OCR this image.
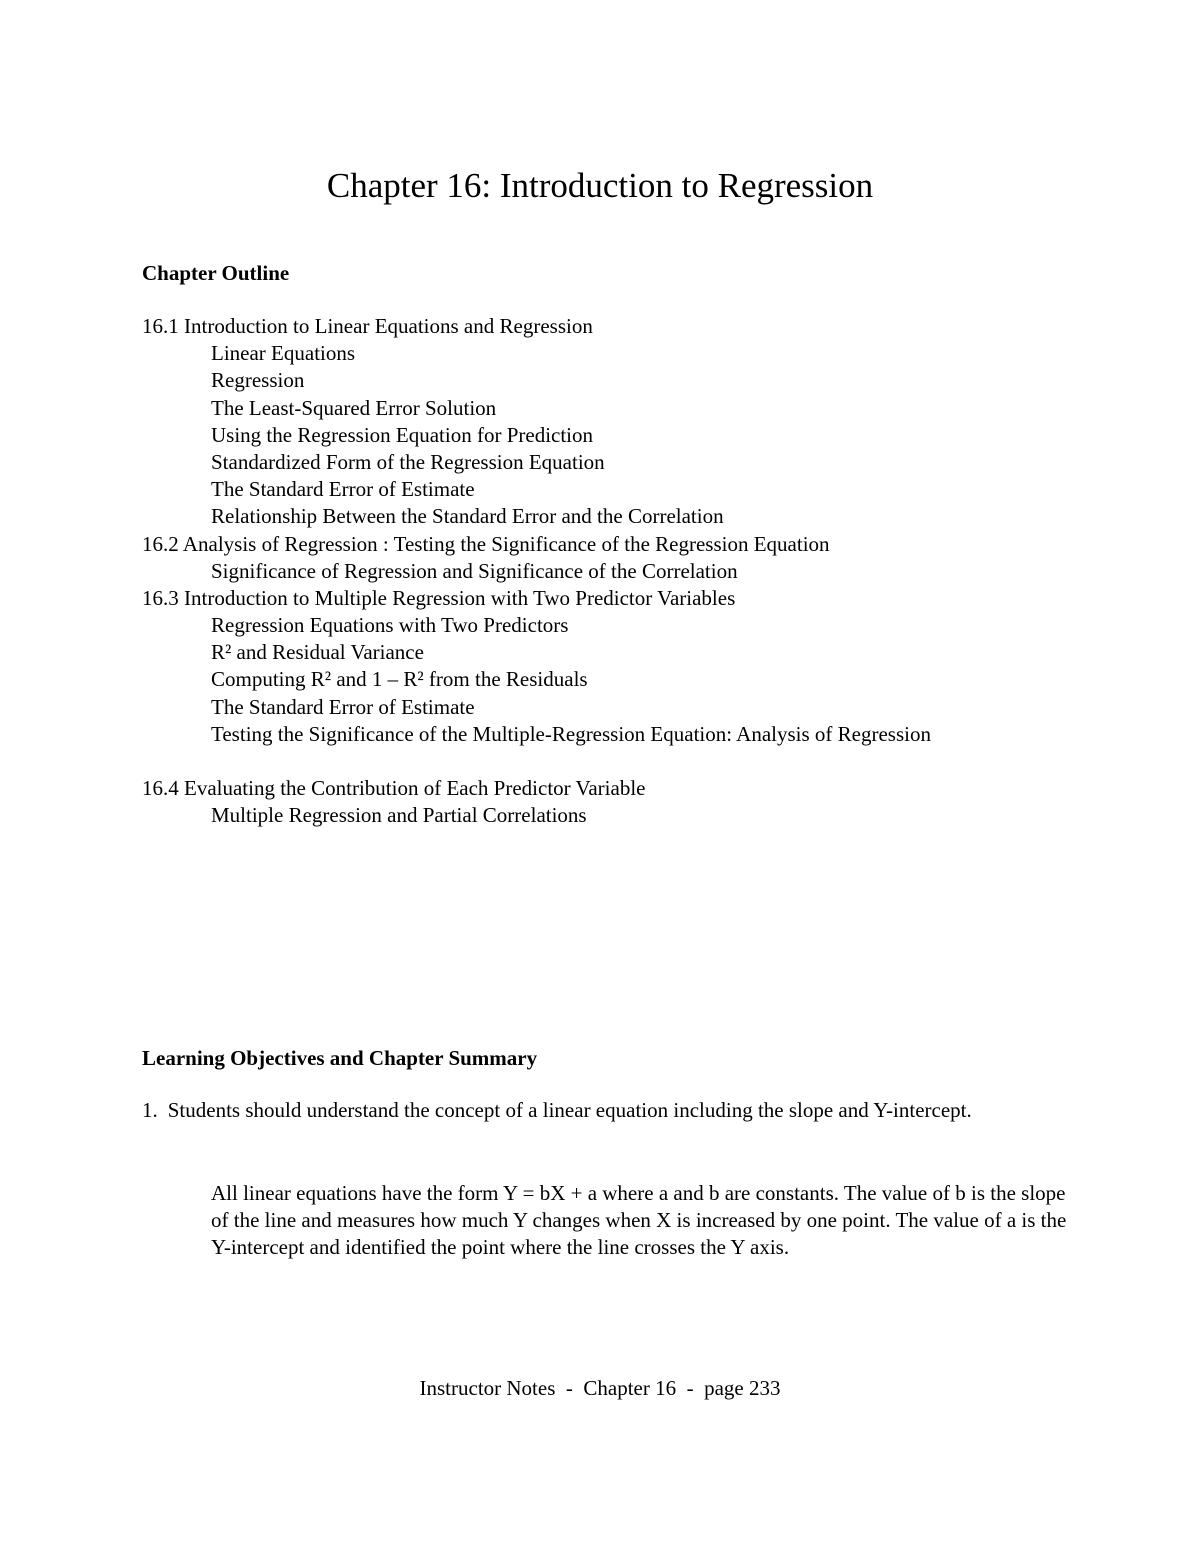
Chapter 16: Introduction to Regression
Chapter Outline
16.1 Introduction to Linear Equations and Regression
Linear Equations
Regression
The Least-Squared Error Solution
Using the Regression Equation for Prediction
Standardized Form of the Regression Equation
The Standard Error of Estimate
Relationship Between the Standard Error and the Correlation
16.2 Analysis of Regression : Testing the Significance of the Regression Equation
Significance of Regression and Significance of the Correlation
16.3 Introduction to Multiple Regression with Two Predictor Variables
Regression Equations with Two Predictors
R² and Residual Variance
Computing R² and 1 – R² from the Residuals
The Standard Error of Estimate
Testing the Significance of the Multiple-Regression Equation: Analysis of Regression
16.4 Evaluating the Contribution of Each Predictor Variable
Multiple Regression and Partial Correlations
Learning Objectives and Chapter Summary
1. Students should understand the concept of a linear equation including the slope and Y-intercept.
All linear equations have the form Y = bX + a where a and b are constants. The value of b is the slope of the line and measures how much Y changes when X is increased by one point. The value of a is the Y-intercept and identified the point where the line crosses the Y axis.
Instructor Notes  -  Chapter 16  -  page 233
